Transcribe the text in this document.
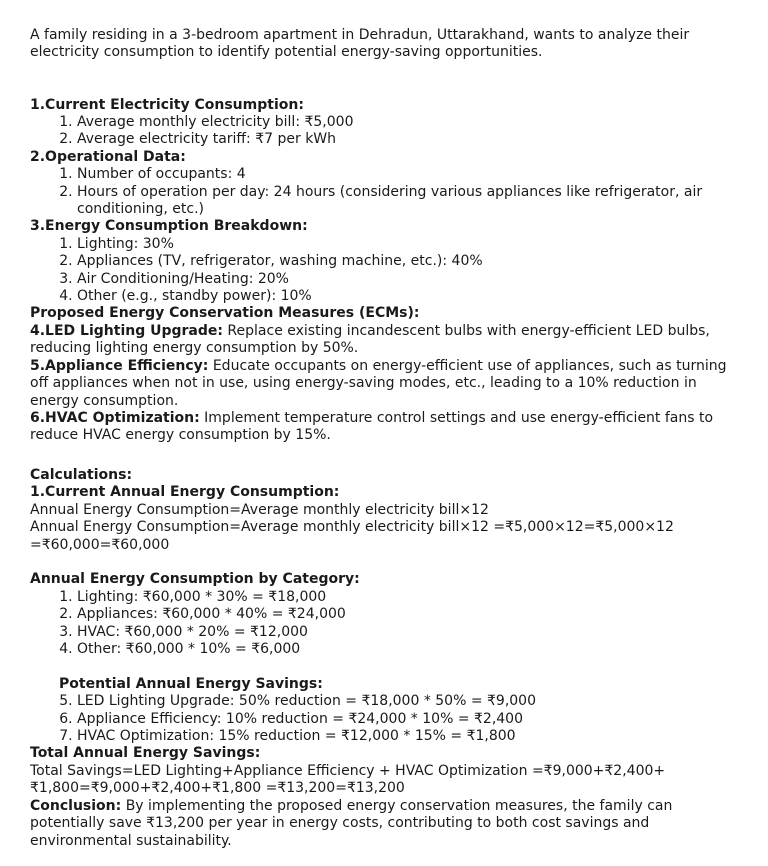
A family residing in a 3-bedroom apartment in Dehradun, Uttarakhand, wants to analyze their electricity consumption to identify potential energy-saving opportunities.

1.Current Electricity Consumption:

1. Average monthly electricity bill: ₹5,000
2. Average electricity tariff: ₹7 per kWh

2.Operational Data:

1. Number of occupants: 4
2. Hours of operation per day: 24 hours (considering various appliances like refrigerator, air conditioning, etc.)

3.Energy Consumption Breakdown:

1. Lighting: 30%
2. Appliances (TV, refrigerator, washing machine, etc.): 40%
3. Air Conditioning/Heating: 20%
4. Other (e.g., standby power): 10%

Proposed Energy Conservation Measures (ECMs):

4.LED Lighting Upgrade: Replace existing incandescent bulbs with energy-efficient LED bulbs, reducing lighting energy consumption by 50%.

5.Appliance Efficiency: Educate occupants on energy-efficient use of appliances, such as turning off appliances when not in use, using energy-saving modes, etc., leading to a 10% reduction in energy consumption.

6.HVAC Optimization: Implement temperature control settings and use energy-efficient fans to reduce HVAC energy consumption by 15%.

Calculations:

1.Current Annual Energy Consumption:

Annual Energy Consumption=Average monthly electricity bill×12

Annual Energy Consumption=Average monthly electricity bill×12 =₹5,000×12=₹5,000×12 =₹60,000=₹60,000

Annual Energy Consumption by Category:

1. Lighting: ₹60,000 * 30% = ₹18,000
2. Appliances: ₹60,000 * 40% = ₹24,000
3. HVAC: ₹60,000 * 20% = ₹12,000
4. Other: ₹60,000 * 10% = ₹6,000

Potential Annual Energy Savings:

5. LED Lighting Upgrade: 50% reduction = ₹18,000 * 50% = ₹9,000
6. Appliance Efficiency: 10% reduction = ₹24,000 * 10% = ₹2,400
7. HVAC Optimization: 15% reduction = ₹12,000 * 15% = ₹1,800

Total Annual Energy Savings:

Total Savings=LED Lighting+Appliance Efficiency + HVAC Optimization =₹9,000+₹2,400+₹1,800=₹9,000+₹2,400+₹1,800 =₹13,200=₹13,200

Conclusion: By implementing the proposed energy conservation measures, the family can potentially save ₹13,200 per year in energy costs, contributing to both cost savings and environmental sustainability.
